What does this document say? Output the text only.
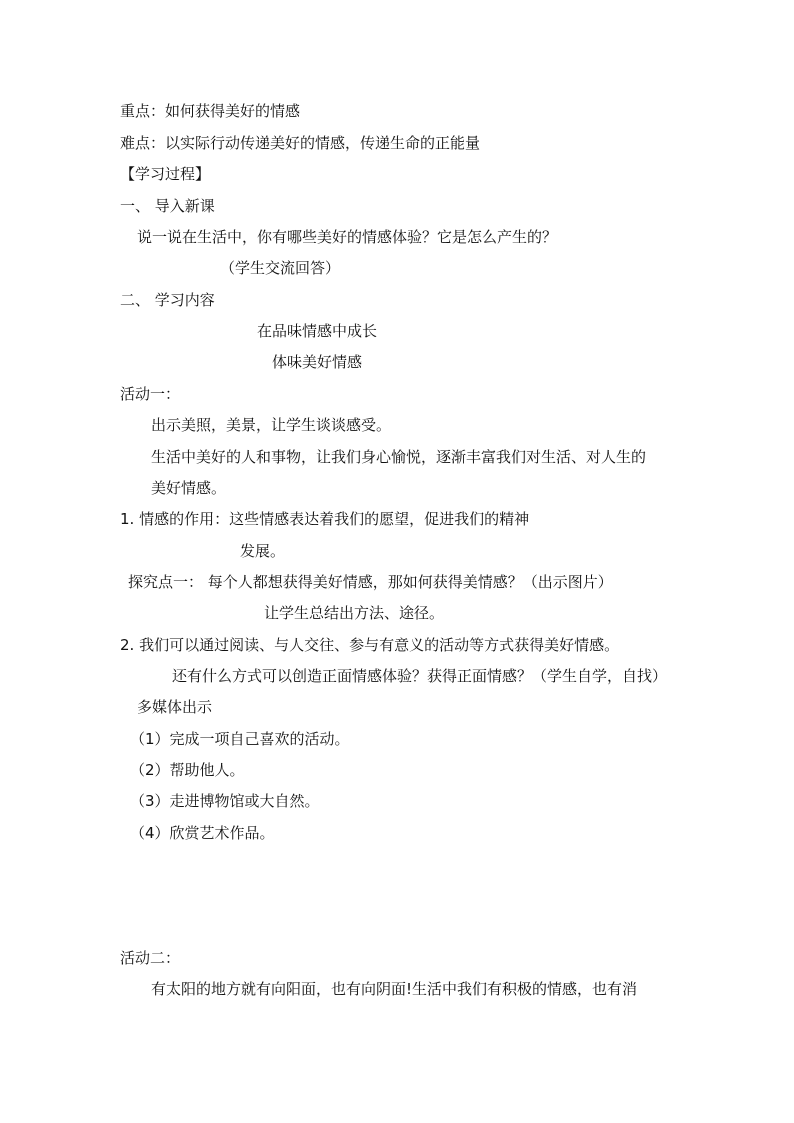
重点：如何获得美好的情感
难点：以实际行动传递美好的情感，传递生命的正能量
【学习过程】
一、 导入新课
说一说在生活中，你有哪些美好的情感体验？它是怎么产生的？
（学生交流回答）
二、 学习内容
在品味情感中成长
体味美好情感
活动一：
出示美照，美景，让学生谈谈感受。
生活中美好的人和事物，让我们身心愉悦，逐渐丰富我们对生活、对人生的
美好情感。
1. 情感的作用：这些情感表达着我们的愿望，促进我们的精神
发展。
探究点一： 每个人都想获得美好情感，那如何获得美情感？（出示图片）
让学生总结出方法、途径。
2. 我们可以通过阅读、与人交往、参与有意义的活动等方式获得美好情感。
还有什么方式可以创造正面情感体验？获得正面情感？（学生自学，自找）
多媒体出示
（1）完成一项自己喜欢的活动。
（2）帮助他人。
（3）走进博物馆或大自然。
（4）欣赏艺术作品。
活动二：
有太阳的地方就有向阳面，也有向阴面!生活中我们有积极的情感，也有消
